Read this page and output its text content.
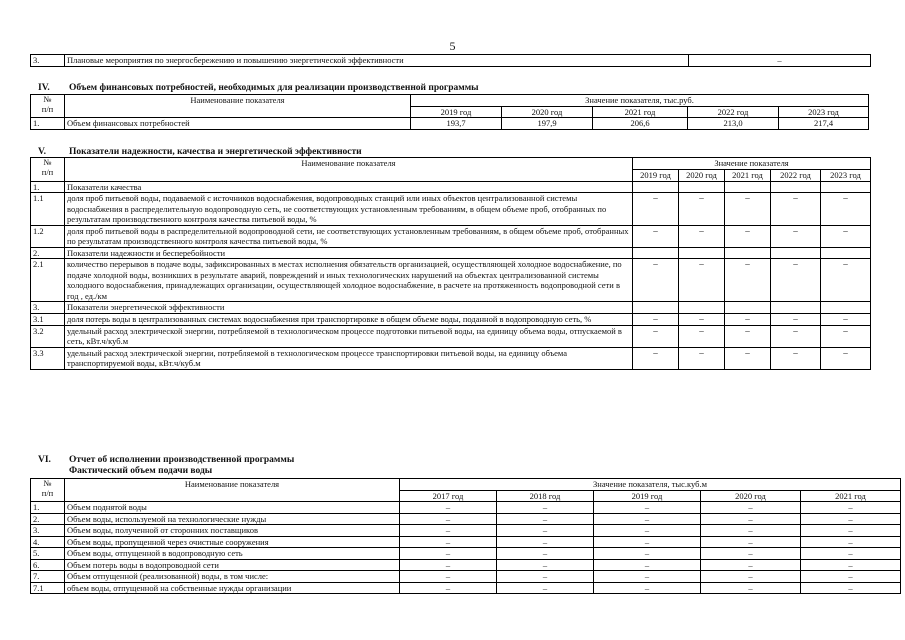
5
3.	Плановые мероприятия по энергосбережению и повышению энергетической эффективности	–
IV. Объем финансовых потребностей, необходимых для реализации производственной программы
№
п/п	Наименование показателя	Значение показателя, тыс.руб.				
		2019 год	2020 год	2021 год	2022 год	2023 год
1.	Объем финансовых потребностей	193,7	197,9	206,6	213,0	217,4
V. Показатели надежности, качества и энергетической эффективности
№
п/п	Наименование показателя	Значение показателя				
		2019 год	2020 год	2021 год	2022 год	2023 год
1.	Показатели качества					
1.1	доля проб питьевой воды, подаваемой с источников водоснабжения, водопроводных станций или иных объектов централизованной системы водоснабжения в распределительную водопроводную сеть, не соответствующих установленным требованиям, в общем объеме проб, отобранных по результатам производственного контроля качества питьевой воды, %	–	–	–	–	–
1.2	доля проб питьевой воды в распределительной водопроводной сети, не соответствующих установленным требованиям, в общем объеме проб, отобранных по результатам производственного контроля качества питьевой воды, %	–	–	–	–	–
2.	Показатели надежности и бесперебойности					
2.1	количество перерывов в подаче воды, зафиксированных в местах исполнения обязательств организацией, осуществляющей холодное водоснабжение, по подаче холодной воды, возникших в результате аварий, повреждений и иных технологических нарушений на объектах централизованной системы холодного водоснабжения, принадлежащих организации, осуществляющей холодное водоснабжение, в расчете на протяженность водопроводной сети в год , ед./км	–	–	–	–	–
3.	Показатели энергетической эффективности					
3.1	доля потерь воды в централизованных системах водоснабжения при транспортировке в общем объеме воды, поданной в водопроводную сеть, %	–	–	–	–	–
3.2	удельный расход электрической энергии, потребляемой в технологическом процессе подготовки питьевой воды, на единицу объема воды, отпускаемой в сеть, кВт.ч/куб.м	–	–	–	–	–
3.3	удельный расход электрической энергии, потребляемой в технологическом процессе транспортировки питьевой воды, на единицу объема транспортируемой воды, кВт.ч/куб.м	–	–	–	–	–
VI. Отчет об исполнении производственной программы
Фактический объем подачи воды
№
п/п	Наименование показателя	Значение показателя, тыс.куб.м				
		2017 год	2018 год	2019 год	2020 год	2021 год
1.	Объем поднятой воды	–	–	–	–	–
2.	Объем воды, используемой на технологические нужды	–	–	–	–	–
3.	Объем воды, полученной от сторонних поставщиков	–	–	–	–	–
4.	Объем воды, пропущенной через очистные сооружения	–	–	–	–	–
5.	Объем воды, отпущенной в водопроводную сеть	–	–	–	–	–
6.	Объем потерь воды в водопроводной сети	–	–	–	–	–
7.	Объем отпущенной (реализованной) воды, в том числе:	–	–	–	–	–
7.1	объем воды, отпущенной на собственные нужды организации	–	–	–	–	–
